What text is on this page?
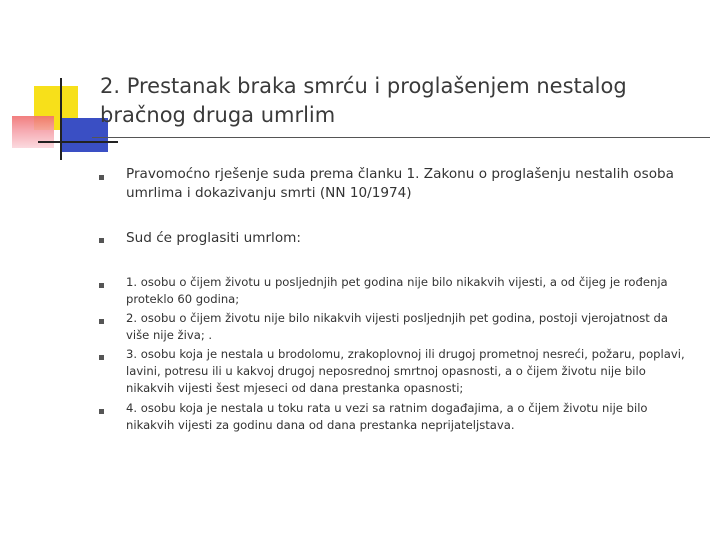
2. Prestanak braka smrću i proglašenjem nestalog bračnog druga umrlim
Pravomoćno rješenje suda prema članku 1. Zakonu o proglašenju nestalih osoba umrlima i dokazivanju smrti (NN 10/1974)
Sud će proglasiti umrlom:
1. osobu o čijem životu u posljednjih pet godina nije bilo nikakvih vijesti, a od čijeg je rođenja proteklo 60 godina;
2. osobu o čijem životu nije bilo nikakvih vijesti posljednjih pet godina, postoji vjerojatnost da više nije živa; .
3. osobu koja je nestala u brodolomu, zrakoplovnoj ili drugoj prometnoj nesreći, požaru, poplavi, lavini, potresu ili u kakvoj drugoj neposrednoj smrtnoj opasnosti, a o čijem životu nije bilo nikakvih vijesti šest mjeseci od dana prestanka opasnosti;
4. osobu koja je nestala u toku rata u vezi sa ratnim događajima, a o čijem životu nije bilo nikakvih vijesti za godinu dana od dana prestanka neprijateljstava.
